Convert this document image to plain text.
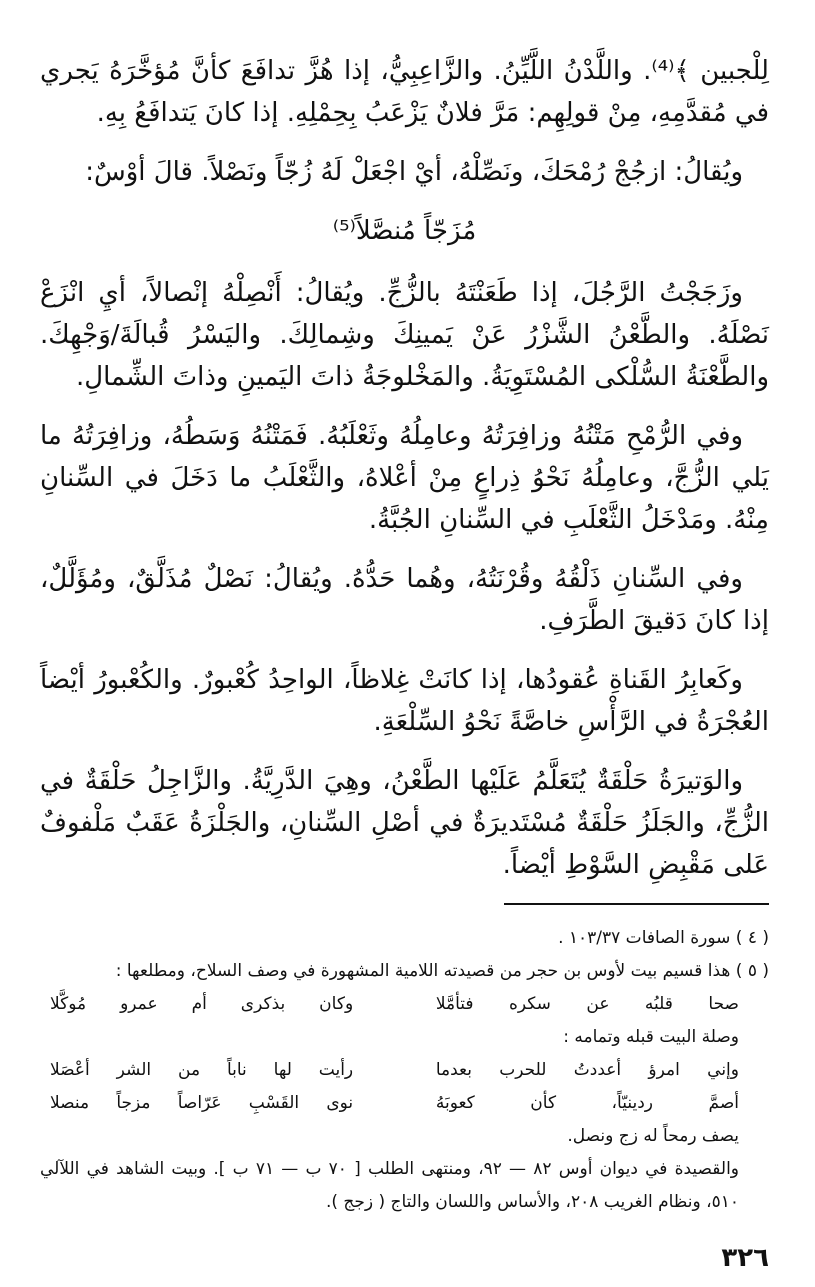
لِلْجبين ﴾⁽⁴⁾. واللَّدْنُ اللَّيِّنُ. والزَّاعِبِيُّ، إذا هُزَّ تدافَعَ كأنَّ مُؤخَّرَهُ يَجري في مُقدَّمِهِ، مِنْ قولِهِم: مَرَّ فلانٌ يَزْعَبُ بِحِمْلِهِ. إذا كانَ يَتدافَعُ بِهِ.

ويُقالُ: ازجُجْ رُمْحَكَ، ونَصِّلْهُ، أيْ اجْعَلْ لَهُ زُجّاً ونَصْلاً. قالَ أوْسٌ:

مُزَجّاً مُنصَّلاً⁽⁵⁾

وزَجَجْتُ الرَّجُلَ، إذا طَعَنْتَهُ بالزُّجِّ. ويُقالُ: أَنْصِلْهُ إنْصالاً، أيِ انْزَعْ نَصْلَهُ. والطَّعْنُ الشَّزْرُ عَنْ يَمينِكَ وشِمالِكَ. واليَسْرُ قُبالَةَ/وَجْهِكَ. والطَّعْنَةُ السُّلْكى المُسْتَوِيَةُ. والمَخْلوجَةُ ذاتَ اليَمينِ وذاتَ الشِّمالِ.

وفي الرُّمْحِ مَتْنُهُ وزافِرَتُهُ وعامِلُهُ وثَعْلَبُهُ. فَمَتْنُهُ وَسَطُهُ، وزافِرَتُهُ ما يَلي الزُّجَّ، وعامِلُهُ نَحْوُ ذِراعٍ مِنْ أعْلاهُ، والثَّعْلَبُ ما دَخَلَ في السِّنانِ مِنْهُ. ومَدْخَلُ الثَّعْلَبِ في السِّنانِ الجُبَّةُ.

وفي السِّنانِ ذَلْقُهُ وقُرْنَتُهُ، وهُما حَدُّهُ. ويُقالُ: نَصْلٌ مُذَلَّقٌ، ومُؤَلَّلٌ، إذا كانَ دَقيقَ الطَّرَفِ.

وكَعابِرُ القَناةِ عُقودُها، إذا كانَتْ غِلاظاً، الواحِدُ كُعْبورٌ. والكُعْبورُ أيْضاً العُجْرَةُ في الرَّأْسِ خاصَّةً نَحْوُ السِّلْعَةِ.

والوَتيرَةُ حَلْقَةٌ يُتَعَلَّمُ عَلَيْها الطَّعْنُ، وهِيَ الدَّرِيَّةُ. والزَّاجِلُ حَلْقَةٌ في الزُّجِّ، والجَلَزُ حَلْقَةٌ مُسْتَديرَةٌ في أصْلِ السِّنانِ، والجَلْزَةُ عَقَبٌ مَلْفوفٌ عَلى مَقْبِضِ السَّوْطِ أيْضاً.

( ٤ ) سورة الصافات ١٠٣/٣٧ .

( ٥ ) هذا قسيم بيت لأوس بن حجر من قصيدته اللامية المشهورة في وصف السلاح، ومطلعها :

صحا قلبُه عن سكره فتأمَّلا
وكان بذكرى أم عمرو مُوكَّلا

وصلة البيت قبله وتمامه :

وإني امرؤ أعددتُ للحرب بعدما
رأيت لها ناباً من الشر أعْصَلا
أصمَّ ردينيّاً، كأن كعوبَهُ
نوى القَسْبِ عَرّاصاً مزجاً منصلا

يصف رمحاً له زج ونصل.

والقصيدة في ديوان أوس ٨٢ — ٩٢، ومنتهى الطلب [ ٧٠ ب — ٧١ ب ]. وبيت الشاهد في اللآلي ٥١٠، ونظام الغريب ٢٠٨، والأساس واللسان والتاج ( زجج ).

٣٢٦
